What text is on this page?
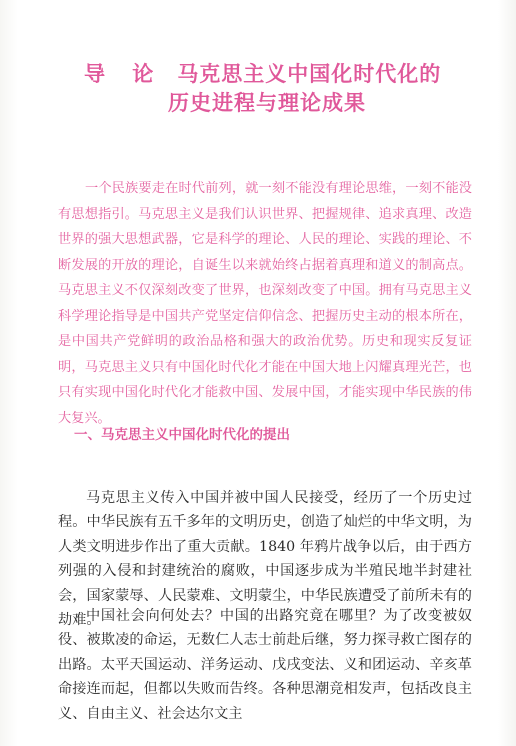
导 论 马克思主义中国化时代化的
历史进程与理论成果

一个民族要走在时代前列，就一刻不能没有理论思维，一刻不能没有思想指引。马克思主义是我们认识世界、把握规律、追求真理、改造世界的强大思想武器，它是科学的理论、人民的理论、实践的理论、不断发展的开放的理论，自诞生以来就始终占据着真理和道义的制高点。马克思主义不仅深刻改变了世界，也深刻改变了中国。拥有马克思主义科学理论指导是中国共产党坚定信仰信念、把握历史主动的根本所在，是中国共产党鲜明的政治品格和强大的政治优势。历史和现实反复证明，马克思主义只有中国化时代化才能在中国大地上闪耀真理光芒，也只有实现中国化时代化才能救中国、发展中国，才能实现中华民族的伟大复兴。

一、马克思主义中国化时代化的提出

马克思主义传入中国并被中国人民接受，经历了一个历史过程。中华民族有五千多年的文明历史，创造了灿烂的中华文明，为人类文明进步作出了重大贡献。1840 年鸦片战争以后，由于西方列强的入侵和封建统治的腐败，中国逐步成为半殖民地半封建社会，国家蒙辱、人民蒙难、文明蒙尘，中华民族遭受了前所未有的劫难。

中国社会向何处去？中国的出路究竟在哪里？为了改变被奴役、被欺凌的命运，无数仁人志士前赴后继，努力探寻救亡图存的出路。太平天国运动、洋务运动、戊戌变法、义和团运动、辛亥革命接连而起，但都以失败而告终。各种思潮竞相发声，包括改良主义、自由主义、社会达尔文主
